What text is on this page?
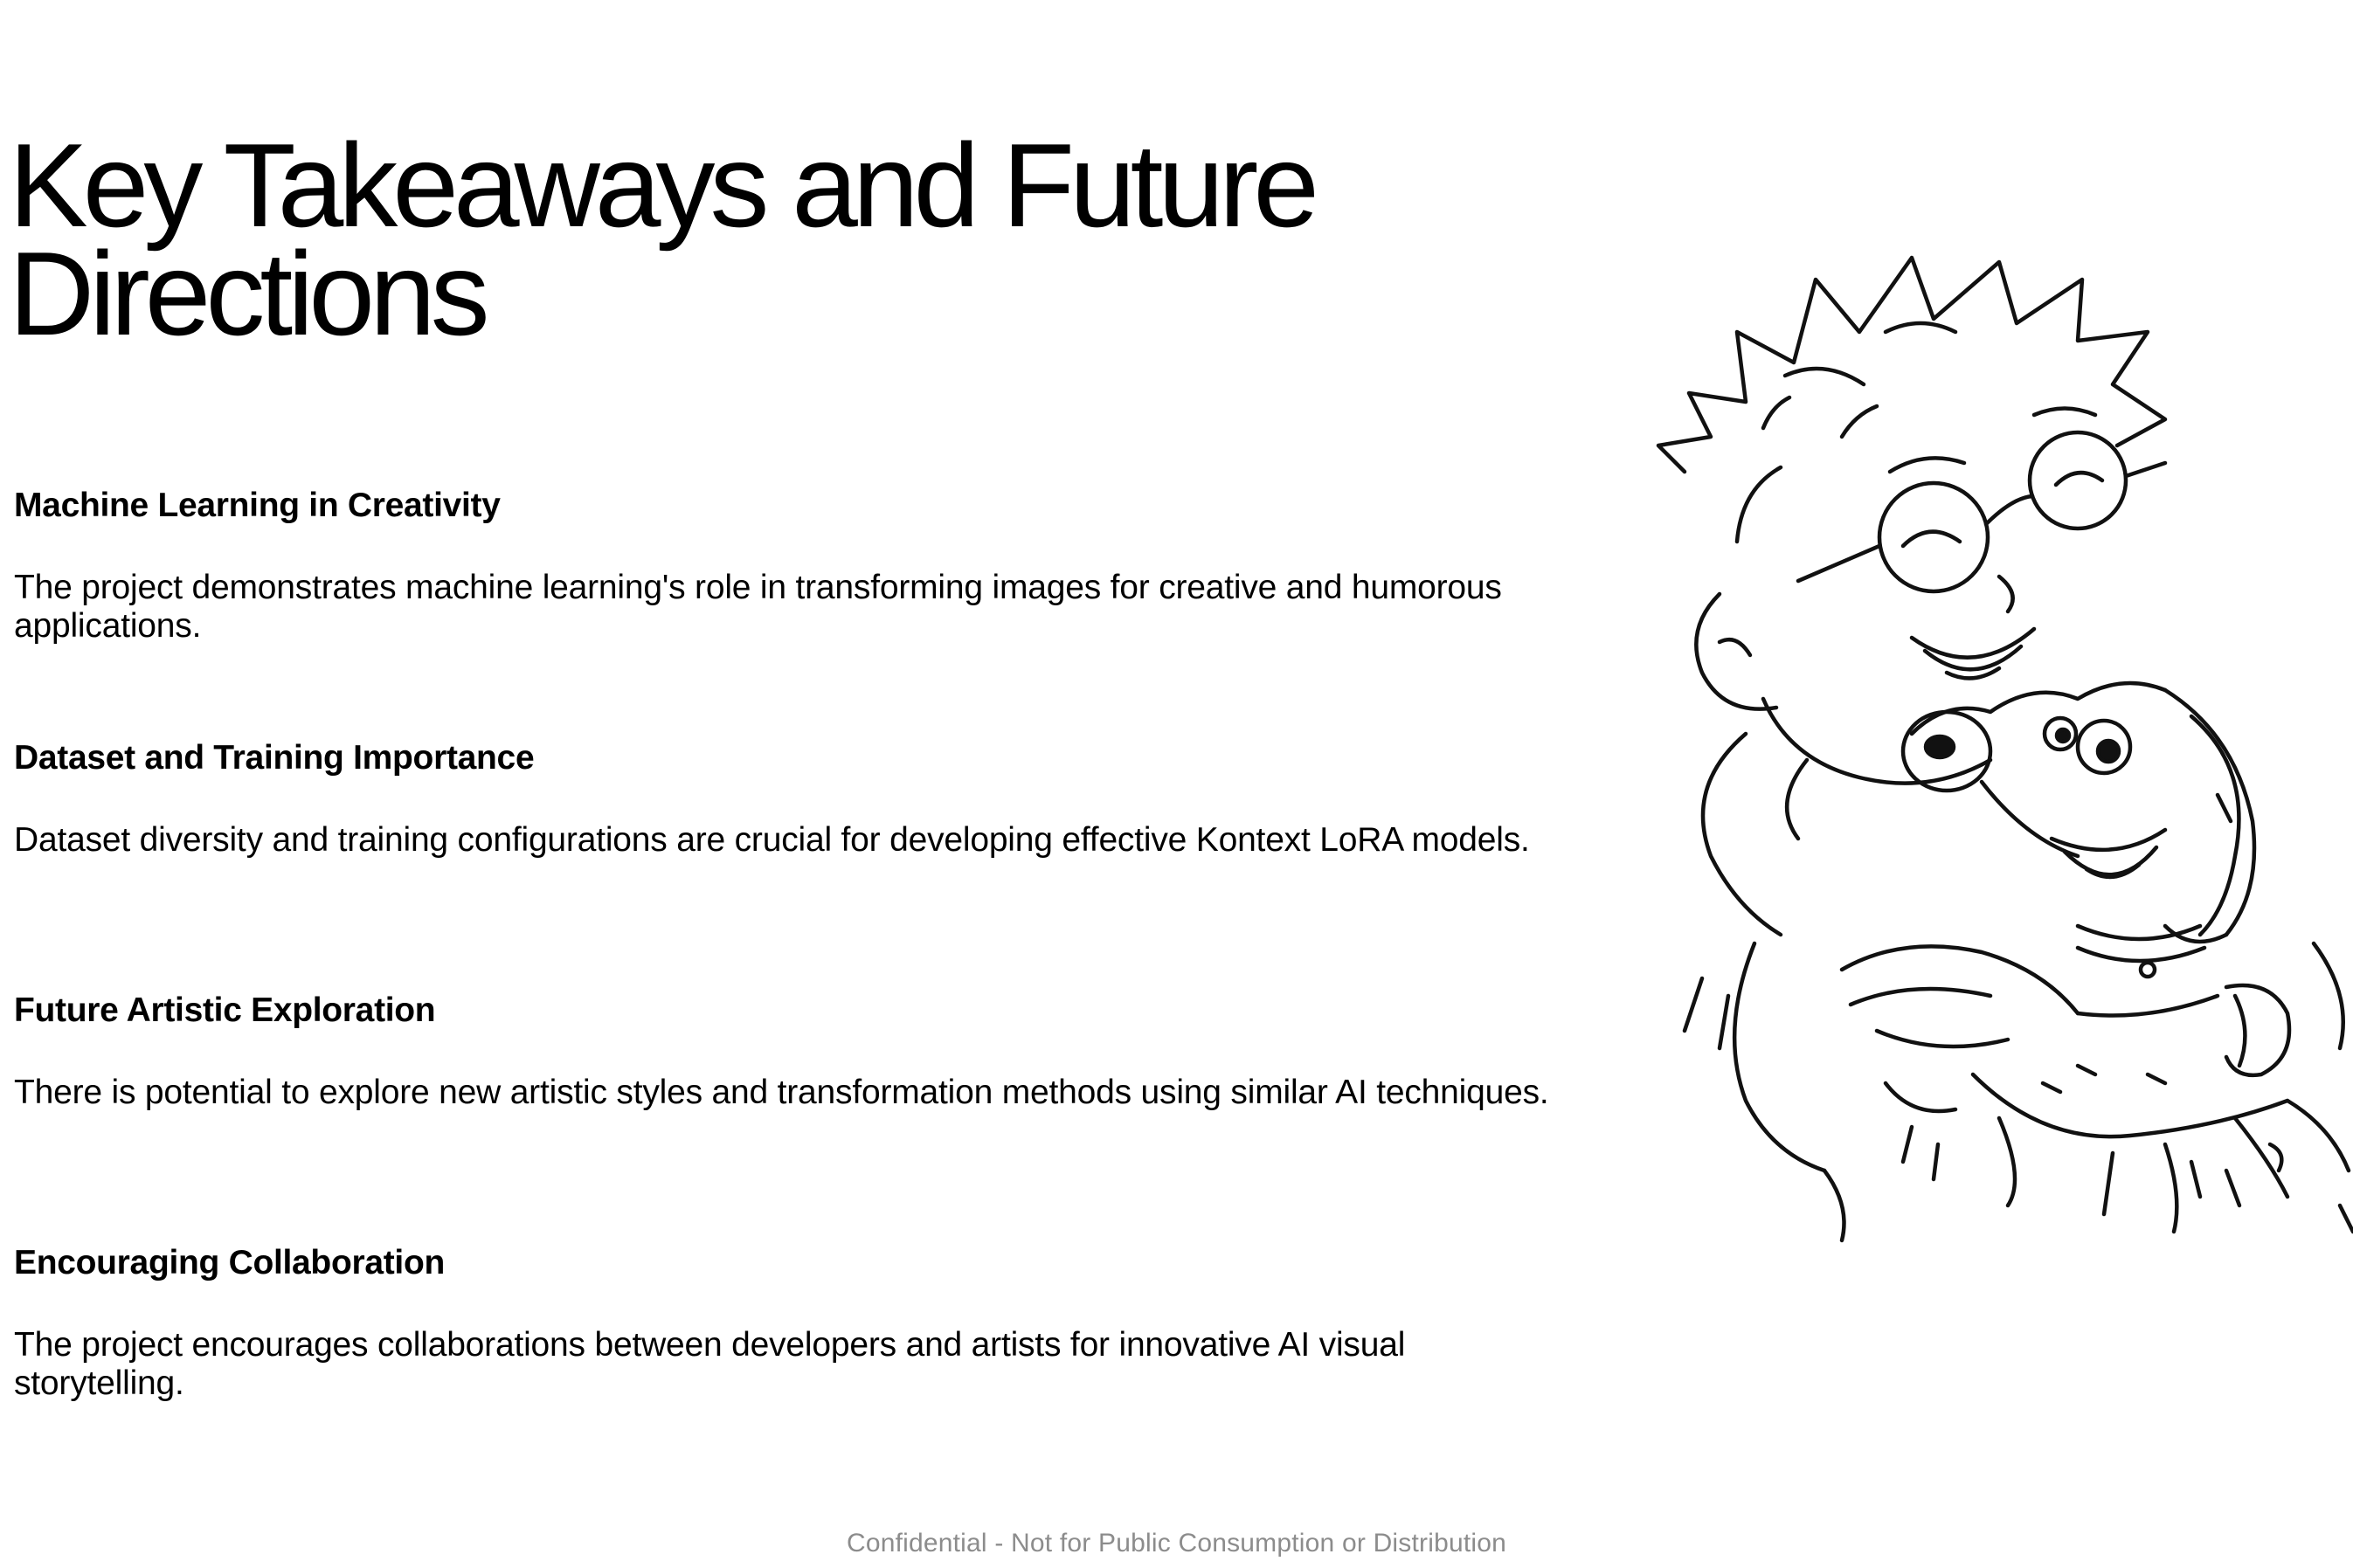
Key Takeaways and Future Directions
Machine Learning in Creativity

The project demonstrates machine learning's role in transforming images for creative and humorous applications.

Dataset and Training Importance

Dataset diversity and training configurations are crucial for developing effective Kontext LoRA models.

Future Artistic Exploration

There is potential to explore new artistic styles and transformation methods using similar AI techniques.

Encouraging Collaboration

The project encourages collaborations between developers and artists for innovative AI visual storytelling.

Confidential - Not for Public Consumption or Distribution
